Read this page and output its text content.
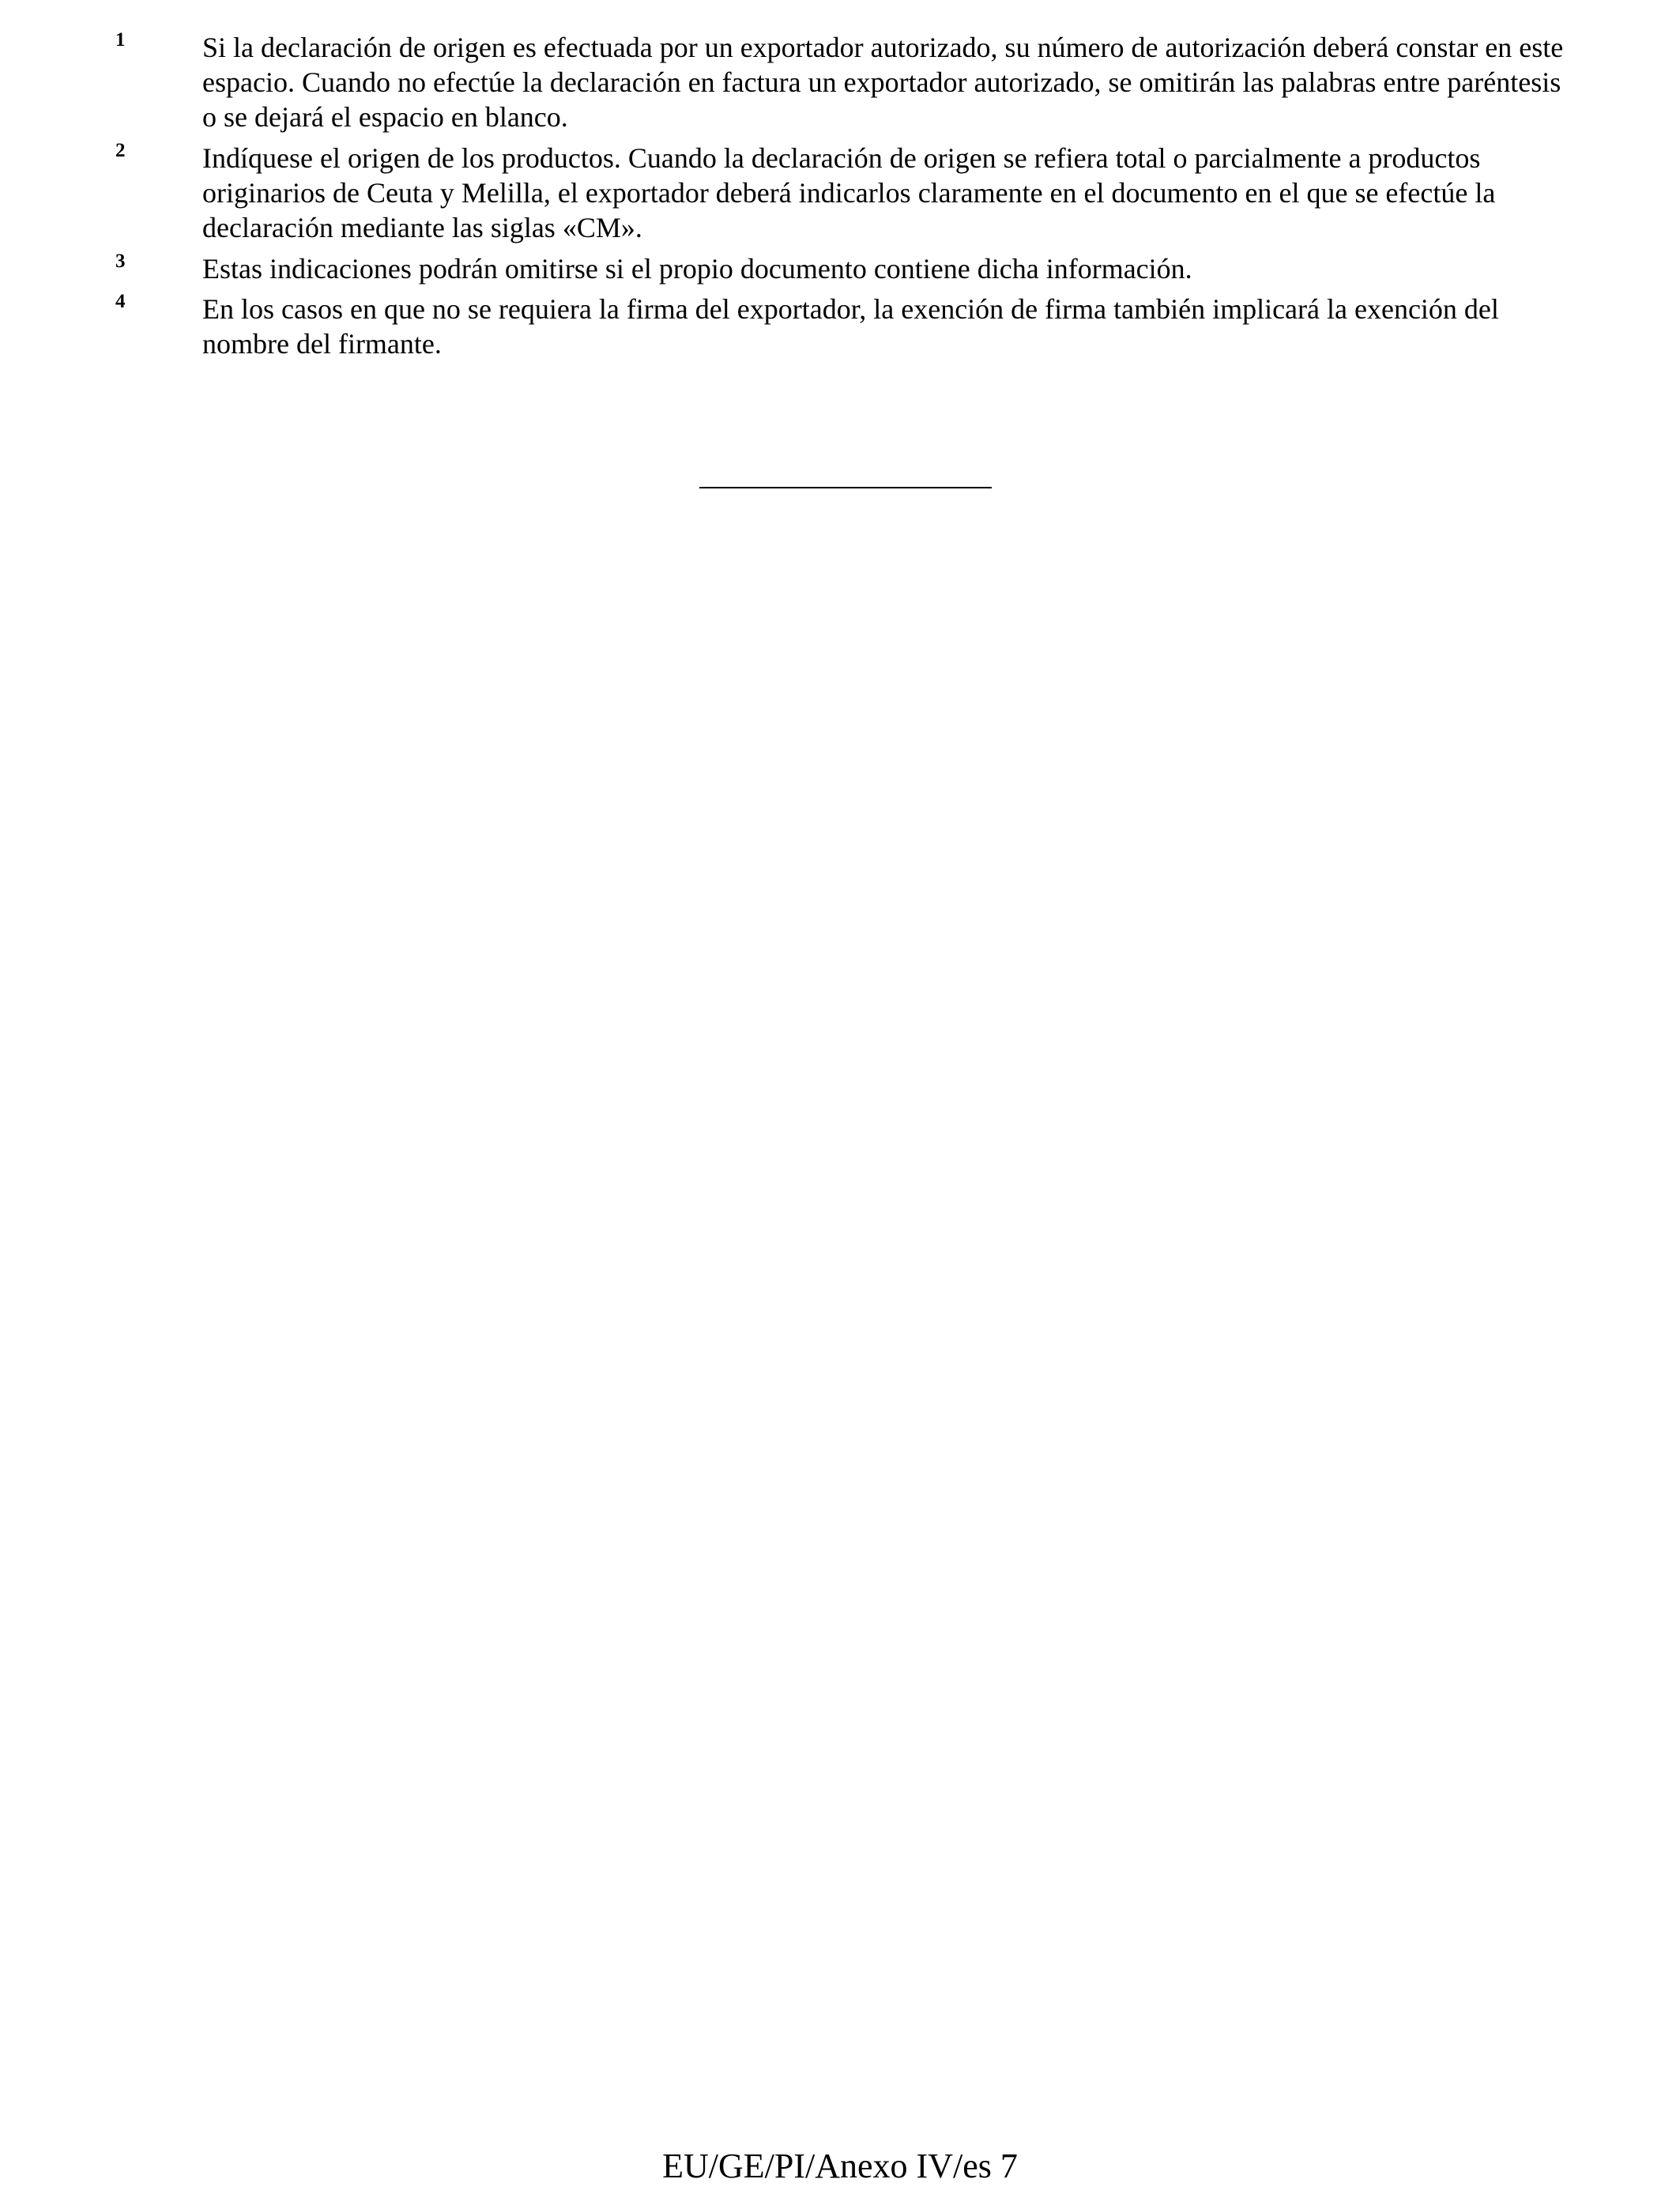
1	Si la declaración de origen es efectuada por un exportador autorizado, su número de autorización deberá constar en este espacio. Cuando no efectúe la declaración en factura un exportador autorizado, se omitirán las palabras entre paréntesis o se dejará el espacio en blanco.

2	Indíquese el origen de los productos. Cuando la declaración de origen se refiera total o parcialmente a productos originarios de Ceuta y Melilla, el exportador deberá indicarlos claramente en el documento en el que se efectúe la declaración mediante las siglas «CM».

3	Estas indicaciones podrán omitirse si el propio documento contiene dicha información.

4	En los casos en que no se requiera la firma del exportador, la exención de firma también implicará la exención del nombre del firmante.

EU/GE/PI/Anexo IV/es 7
